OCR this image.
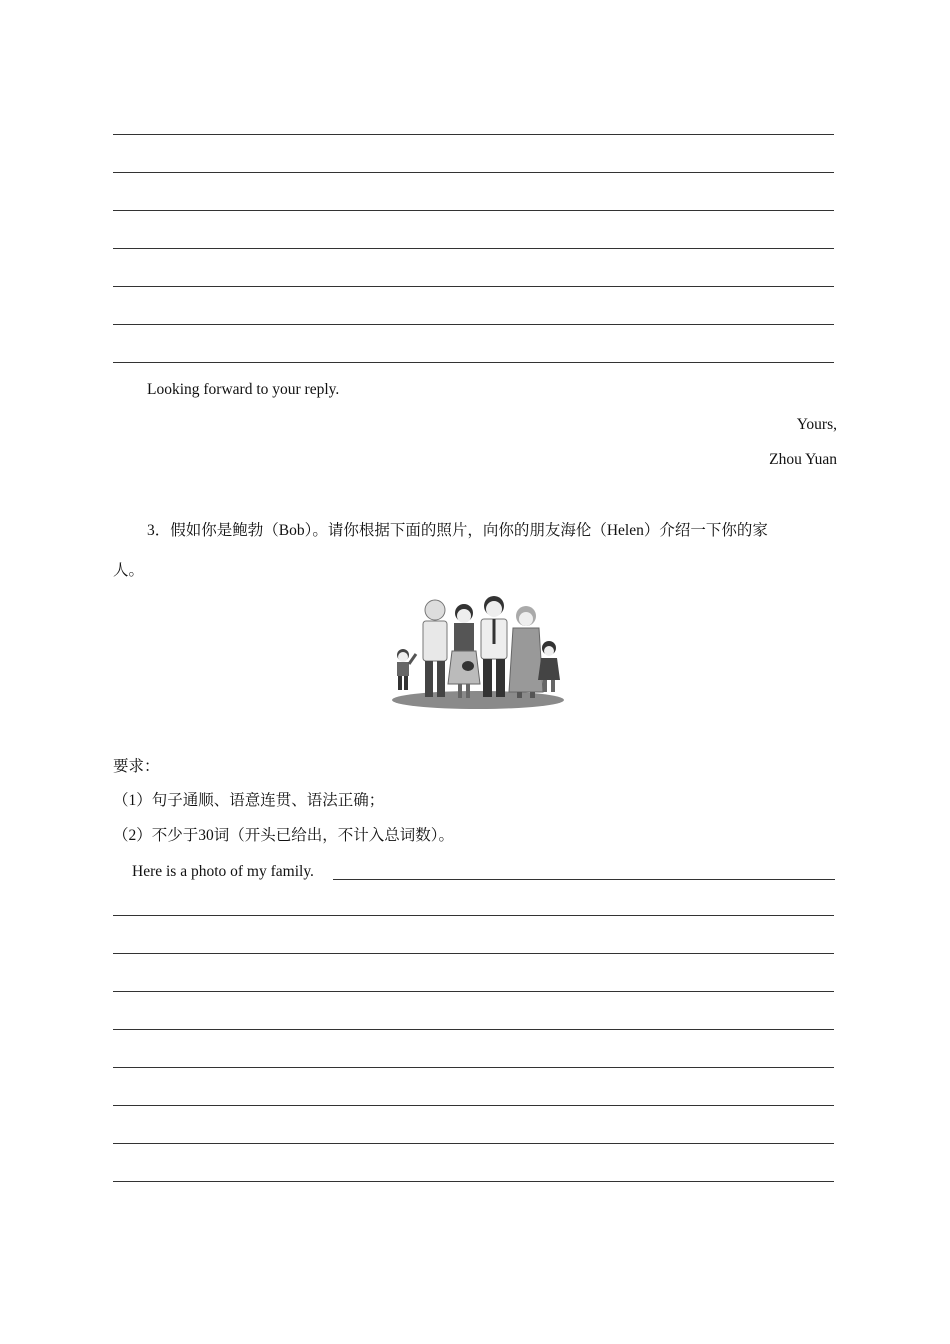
Looking forward to your reply.
Yours,
Zhou Yuan
3．假如你是鲍勃（Bob）。请你根据下面的照片，向你的朋友海伦（Helen）介绍一下你的家
人。
要求：
（1）句子通顺、语意连贯、语法正确；
（2）不少于30词（开头已给出，不计入总词数）。
Here is a photo of my family.
